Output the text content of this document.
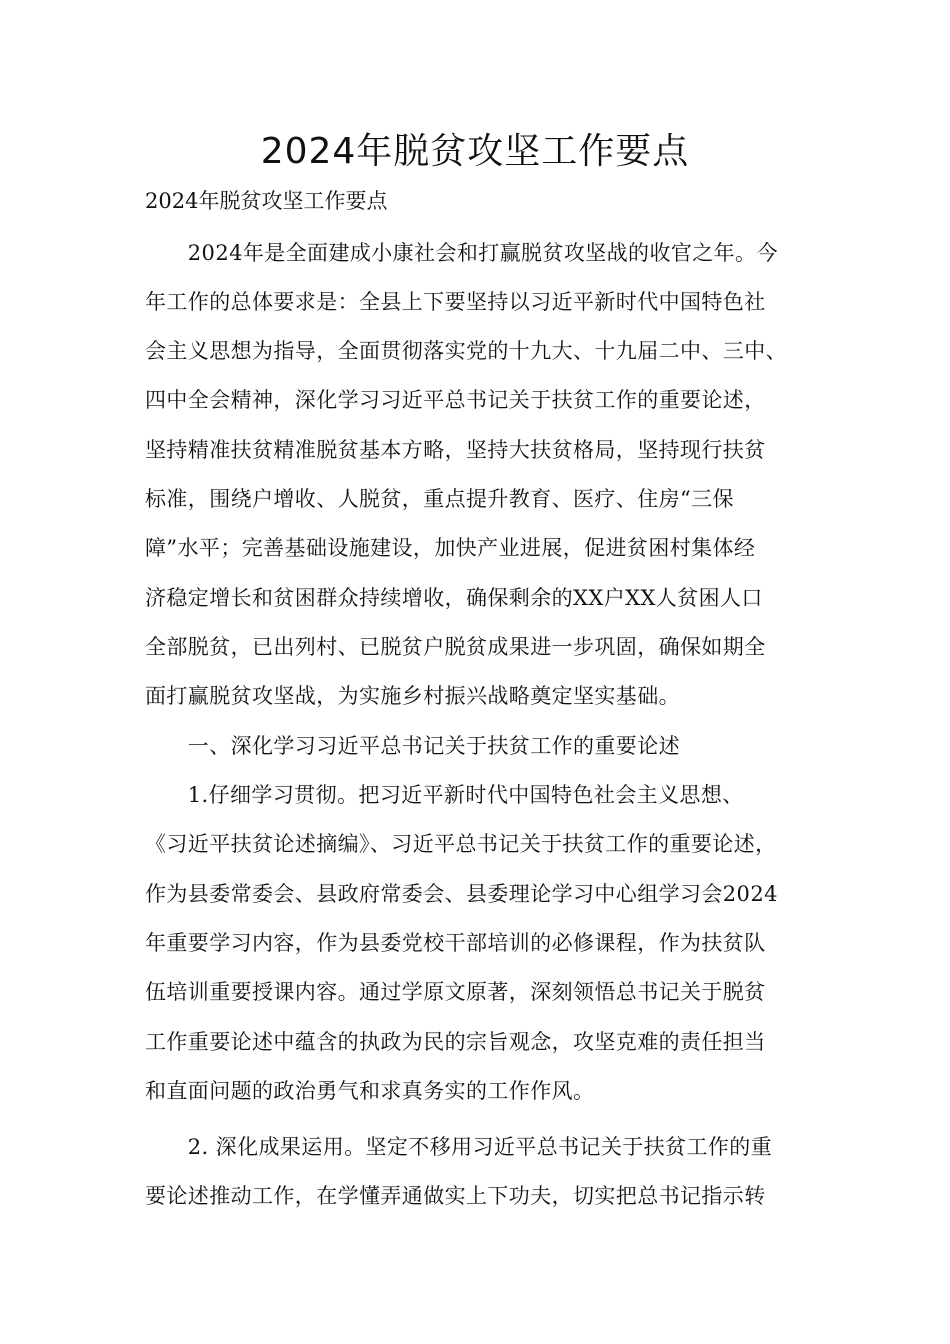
2024年脱贫攻坚工作要点
2024年脱贫攻坚工作要点
　　2024年是全面建成小康社会和打赢脱贫攻坚战的收官之年。今
年工作的总体要求是：全县上下要坚持以习近平新时代中国特色社
会主义思想为指导，全面贯彻落实党的十九大、十九届二中、三中、
四中全会精神，深化学习习近平总书记关于扶贫工作的重要论述，
坚持精准扶贫精准脱贫基本方略，坚持大扶贫格局，坚持现行扶贫
标准，围绕户增收、人脱贫，重点提升教育、医疗、住房“三保
障”水平；完善基础设施建设，加快产业进展，促进贫困村集体经
济稳定增长和贫困群众持续增收，确保剩余的XX户XX人贫困人口
全部脱贫，已出列村、已脱贫户脱贫成果进一步巩固，确保如期全
面打赢脱贫攻坚战，为实施乡村振兴战略奠定坚实基础。
　　一、深化学习习近平总书记关于扶贫工作的重要论述
　　1.仔细学习贯彻。把习近平新时代中国特色社会主义思想、
《习近平扶贫论述摘编》、习近平总书记关于扶贫工作的重要论述，
作为县委常委会、县政府常委会、县委理论学习中心组学习会2024
年重要学习内容，作为县委党校干部培训的必修课程，作为扶贫队
伍培训重要授课内容。通过学原文原著，深刻领悟总书记关于脱贫
工作重要论述中蕴含的执政为民的宗旨观念，攻坚克难的责任担当
和直面问题的政治勇气和求真务实的工作作风。
　　2. 深化成果运用。坚定不移用习近平总书记关于扶贫工作的重
要论述推动工作，在学懂弄通做实上下功夫，切实把总书记指示转
